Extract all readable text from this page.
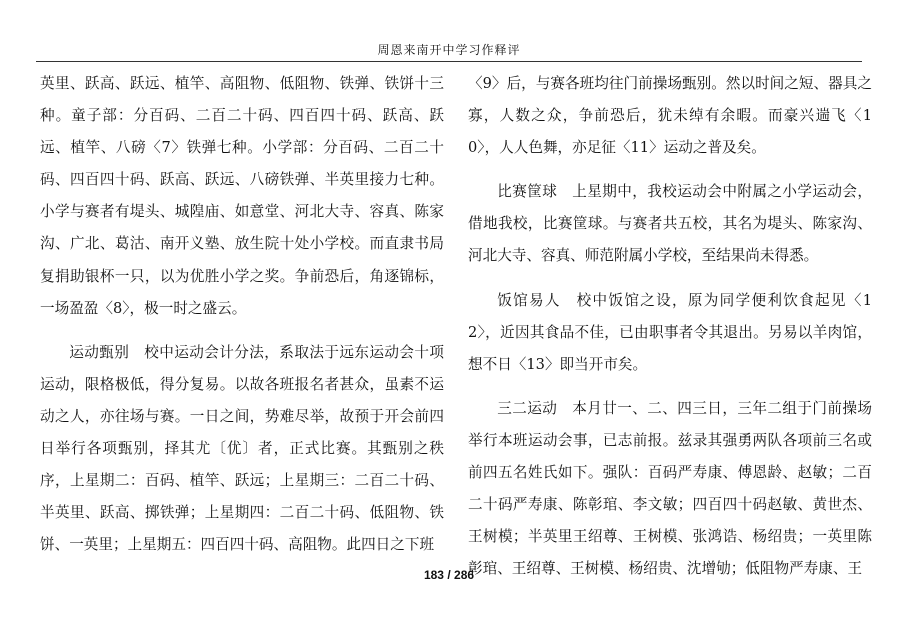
周恩来南开中学习作释评

英里、跃高、跃远、植竿、高阻物、低阻物、铁弹、铁饼十三种。童子部：分百码、二百二十码、四百四十码、跃高、跃远、植竿、八磅〈7〉铁弹七种。小学部：分百码、二百二十码、四百四十码、跃高、跃远、八磅铁弹、半英里接力七种。小学与赛者有堤头、城隍庙、如意堂、河北大寺、容真、陈家沟、广北、葛沽、南开义塾、放生院十处小学校。而直隶书局复捐助银杯一只，以为优胜小学之奖。争前恐后，角逐锦标，一场盈盈〈8〉，极一时之盛云。

运动甄别　校中运动会计分法，系取法于远东运动会十项运动，限格极低，得分复易。以故各班报名者甚众，虽素不运动之人，亦往场与赛。一日之间，势难尽举，故预于开会前四日举行各项甄别，择其尤〔优〕者，正式比赛。其甄别之秩序，上星期二：百码、植竿、跃远；上星期三：二百二十码、半英里、跃高、掷铁弹；上星期四：二百二十码、低阻物、铁饼、一英里；上星期五：四百四十码、高阻物。此四日之下班

〈9〉后，与赛各班均往门前操场甄别。然以时间之短、器具之寡，人数之众，争前恐后，犹未绰有余暇。而豪兴遄飞〈10〉，人人色舞，亦足征〈11〉运动之普及矣。

比赛筐球　上星期中，我校运动会中附属之小学运动会，借地我校，比赛筐球。与赛者共五校，其名为堤头、陈家沟、河北大寺、容真、师范附属小学校，至结果尚未得悉。

饭馆易人　校中饭馆之设，原为同学便利饮食起见〈12〉，近因其食品不佳，已由职事者令其退出。另易以羊肉馆，想不日〈13〉即当开市矣。

三二运动　本月廿一、二、四三日，三年二组于门前操场举行本班运动会事，已志前报。兹录其强勇两队各项前三名或前四五名姓氏如下。强队：百码严寿康、傅恩龄、赵敏；二百二十码严寿康、陈彰琯、李文敏；四百四十码赵敏、黄世杰、王树模；半英里王绍尊、王树模、张鸿诰、杨绍贵；一英里陈彰琯、王绍尊、王树模、杨绍贵、沈增劬；低阻物严寿康、王

183 / 286
